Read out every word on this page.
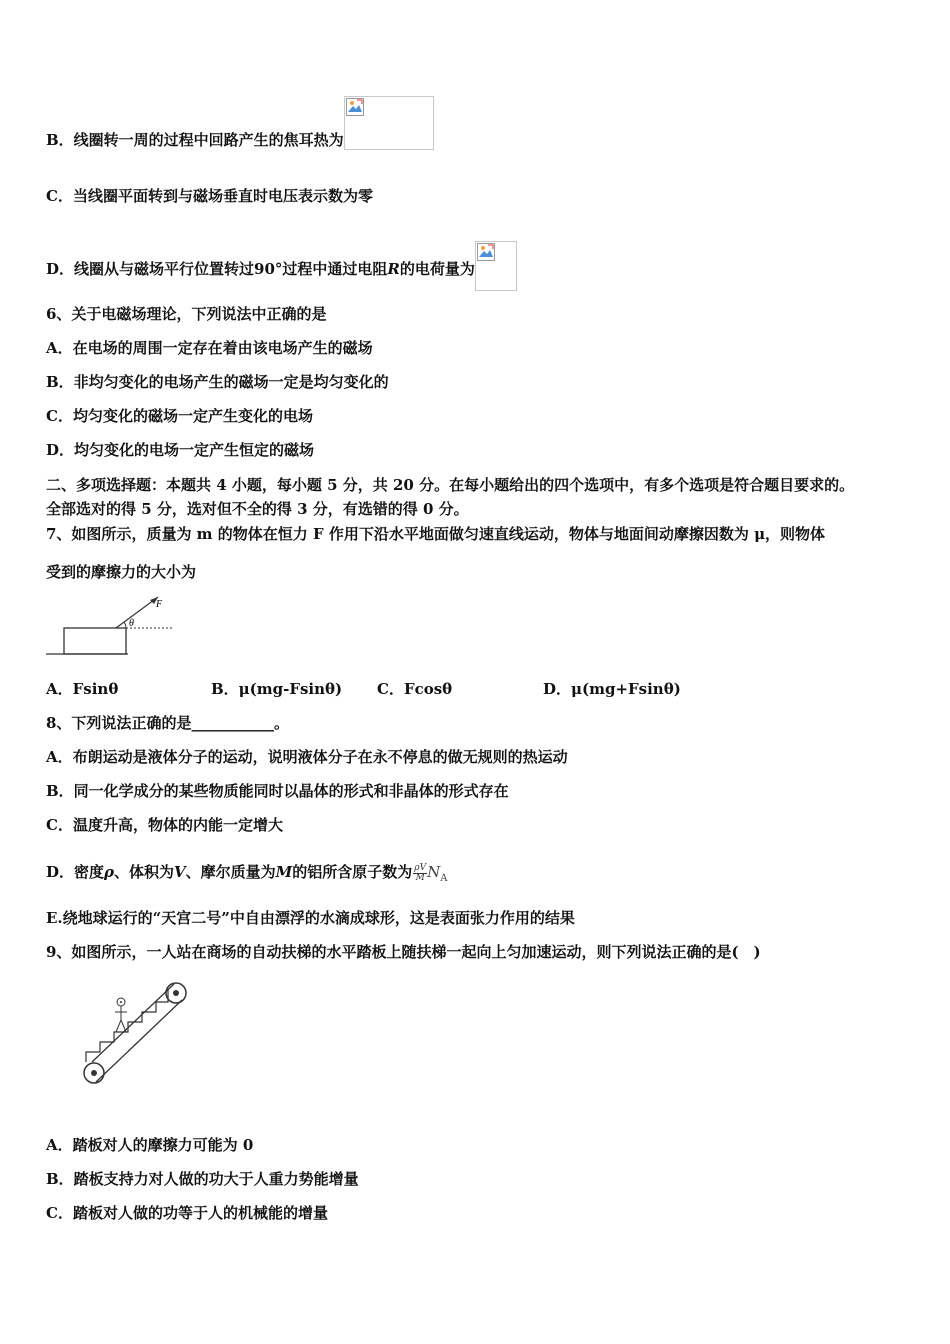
B．线圈转一周的过程中回路产生的焦耳热为
C．当线圈平面转到与磁场垂直时电压表示数为零
D．线圈从与磁场平行位置转过90°过程中通过电阻R的电荷量为
6、关于电磁场理论，下列说法中正确的是
A．在电场的周围一定存在着由该电场产生的磁场
B．非均匀变化的电场产生的磁场一定是均匀变化的
C．均匀变化的磁场一定产生变化的电场
D．均匀变化的电场一定产生恒定的磁场
二、多项选择题：本题共 4 小题，每小题 5 分，共 20 分。在每小题给出的四个选项中，有多个选项是符合题目要求的。
全部选对的得 5 分，选对但不全的得 3 分，有选错的得 0 分。
7、如图所示，质量为 m 的物体在恒力 F 作用下沿水平地面做匀速直线运动，物体与地面间动摩擦因数为 μ，则物体
受到的摩擦力的大小为
F
θ
A．Fsinθ	B．μ(mg-Fsinθ) C．Fcosθ	D．μ(mg+Fsinθ)
8、下列说法正确的是___________。
A．布朗运动是液体分子的运动，说明液体分子在永不停息的做无规则的热运动
B．同一化学成分的某些物质能同时以晶体的形式和非晶体的形式存在
C．温度升高，物体的内能一定增大
D．密度ρ、体积为V、摩尔质量为M的铝所含原子数为 $\frac{\rho V}{M} N_A$
E.绕地球运行的“天宫二号”中自由漂浮的水滴成球形，这是表面张力作用的结果
9、如图所示，一人站在商场的自动扶梯的水平踏板上随扶梯一起向上匀加速运动，则下列说法正确的是(　)
A．踏板对人的摩擦力可能为 0
B．踏板支持力对人做的功大于人重力势能增量
C．踏板对人做的功等于人的机械能的增量
